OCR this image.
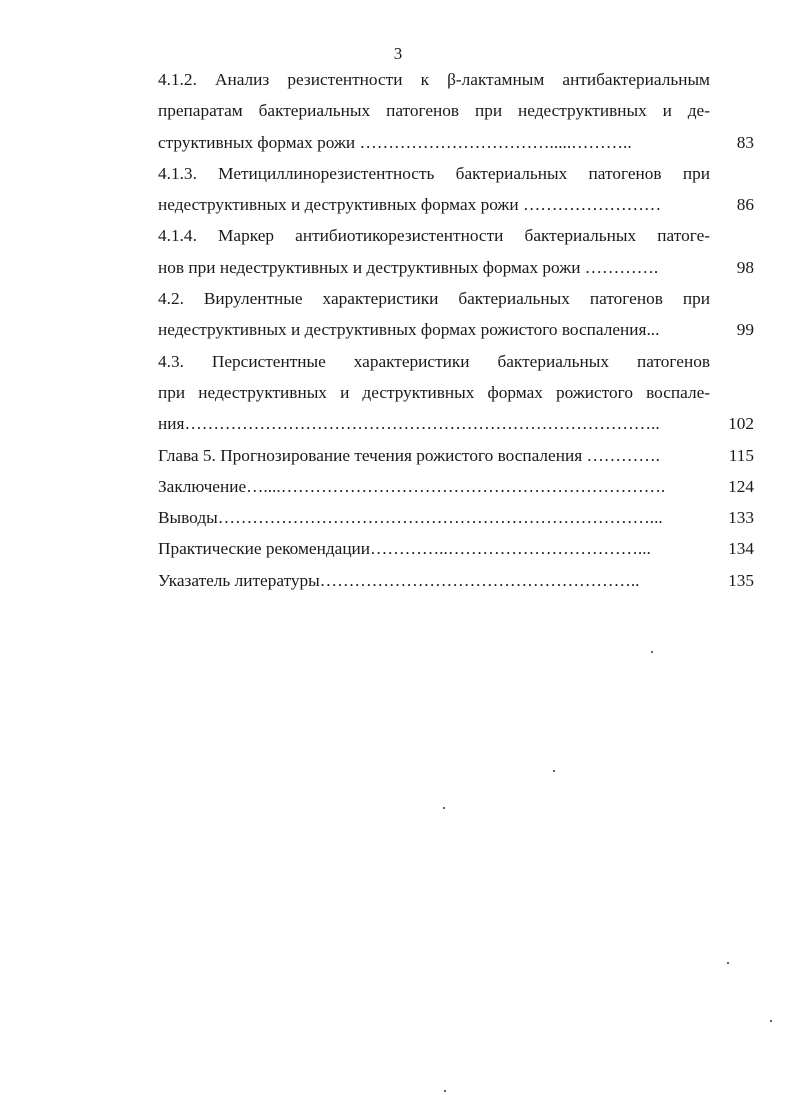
3
4.1.2. Анализ резистентности к β-лактамным антибактериальным
препаратам бактериальных патогенов при недеструктивных и де-
структивных формах рожи …………………………….....………..	83
4.1.3. Метициллинорезистентность бактериальных патогенов при
недеструктивных и деструктивных формах рожи ……………………	86
4.1.4. Маркер антибиотикорезистентности бактериальных патоге-
нов при недеструктивных и деструктивных формах рожи ………….	98
4.2. Вирулентные характеристики бактериальных патогенов при
недеструктивных и деструктивных формах рожистого воспаления...	99
4.3. Персистентные характеристики бактериальных патогенов
при недеструктивных и деструктивных формах рожистого воспале-
ния………………………………………………………………………..	102
Глава 5. Прогнозирование течения рожистого воспаления ………….	115
Заключение…....………………………………………………………….	124
Выводы…………………………………………………………………...	133
Практические рекомендации…………..……………………………...	134
Указатель литературы………………………………………………..	135
